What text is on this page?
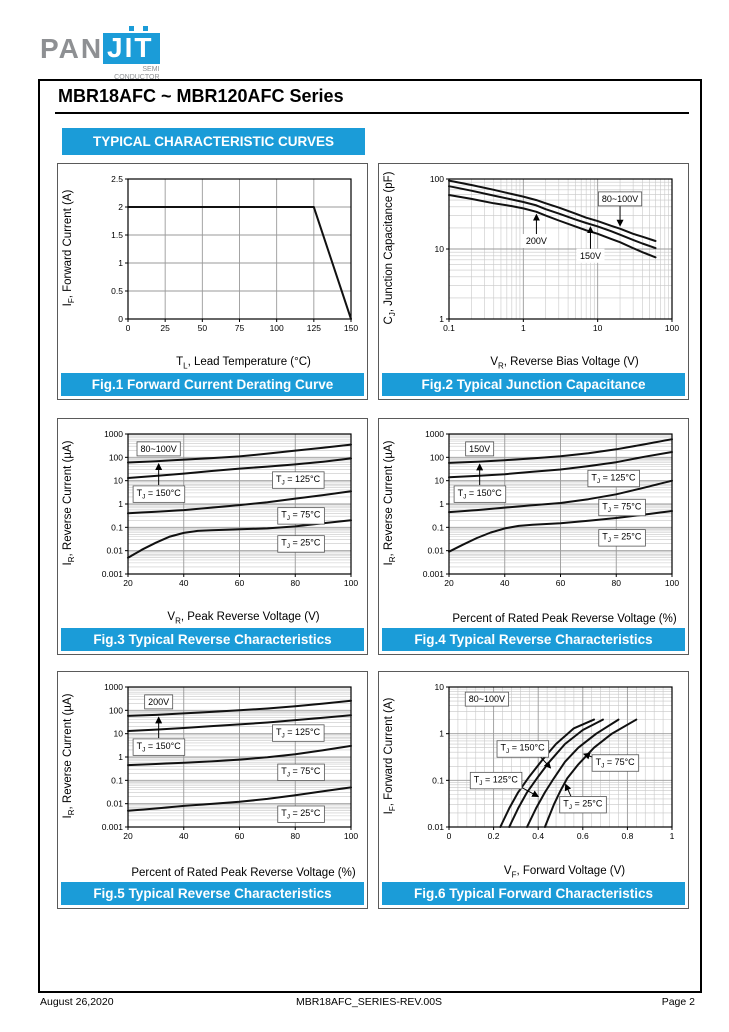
PAN JIT
SEMI
CONDUCTOR
MBR18AFC ~ MBR120AFC Series
TYPICAL CHARACTERISTIC CURVES
$I_F$, Forward Current (A)
0	25	50	75	100	125	150
0
0.5
1
1.5
2
2.5
$T_L$, Lead Temperature (°C)
Fig.1 Forward Current Derating Curve
$C_J$, Junction Capacitance (pF)
0.1	1	10	100
1
10
100
80~100V
200V
150V
$V_R$, Reverse Bias Voltage (V)
Fig.2 Typical Junction Capacitance
$I_R$, Reverse Current (µA)
20	40	60	80	100
0.001
0.01
0.1
1
10
100
1000
80~100V
$T_J = 150^\circ C$
$T_J = 125^\circ C$
$T_J = 75^\circ C$
$T_J = 25^\circ C$
$V_R$, Peak Reverse Voltage (V)
Fig.3 Typical Reverse Characteristics
$I_R$, Reverse Current (µA)
20	40	60	80	100
0.001
0.01
0.1
1
10
100
1000
150V
$T_J = 150^\circ C$
$T_J = 125^\circ C$
$T_J = 75^\circ C$
$T_J = 25^\circ C$
Percent of Rated Peak Reverse Voltage (%)
Fig.4 Typical Reverse Characteristics
$I_R$, Reverse Current (µA)
20	40	60	80	100
0.001
0.01
0.1
1
10
100
1000
200V
$T_J = 150^\circ C$
$T_J = 125^\circ C$
$T_J = 75^\circ C$
$T_J = 25^\circ C$
Percent of Rated Peak Reverse Voltage (%)
Fig.5 Typical Reverse Characteristics
$I_F$, Forward Current (A)
0	0.2	0.4	0.6	0.8	1
0.01
0.1
1
10
80~100V
$T_J = 150^\circ C$
$T_J = 125^\circ C$
$T_J = 75^\circ C$
$T_J = 25^\circ C$
$V_F$, Forward Voltage (V)
Fig.6 Typical Forward Characteristics
August 26,2020	MBR18AFC_SERIES-REV.00S	Page 2
